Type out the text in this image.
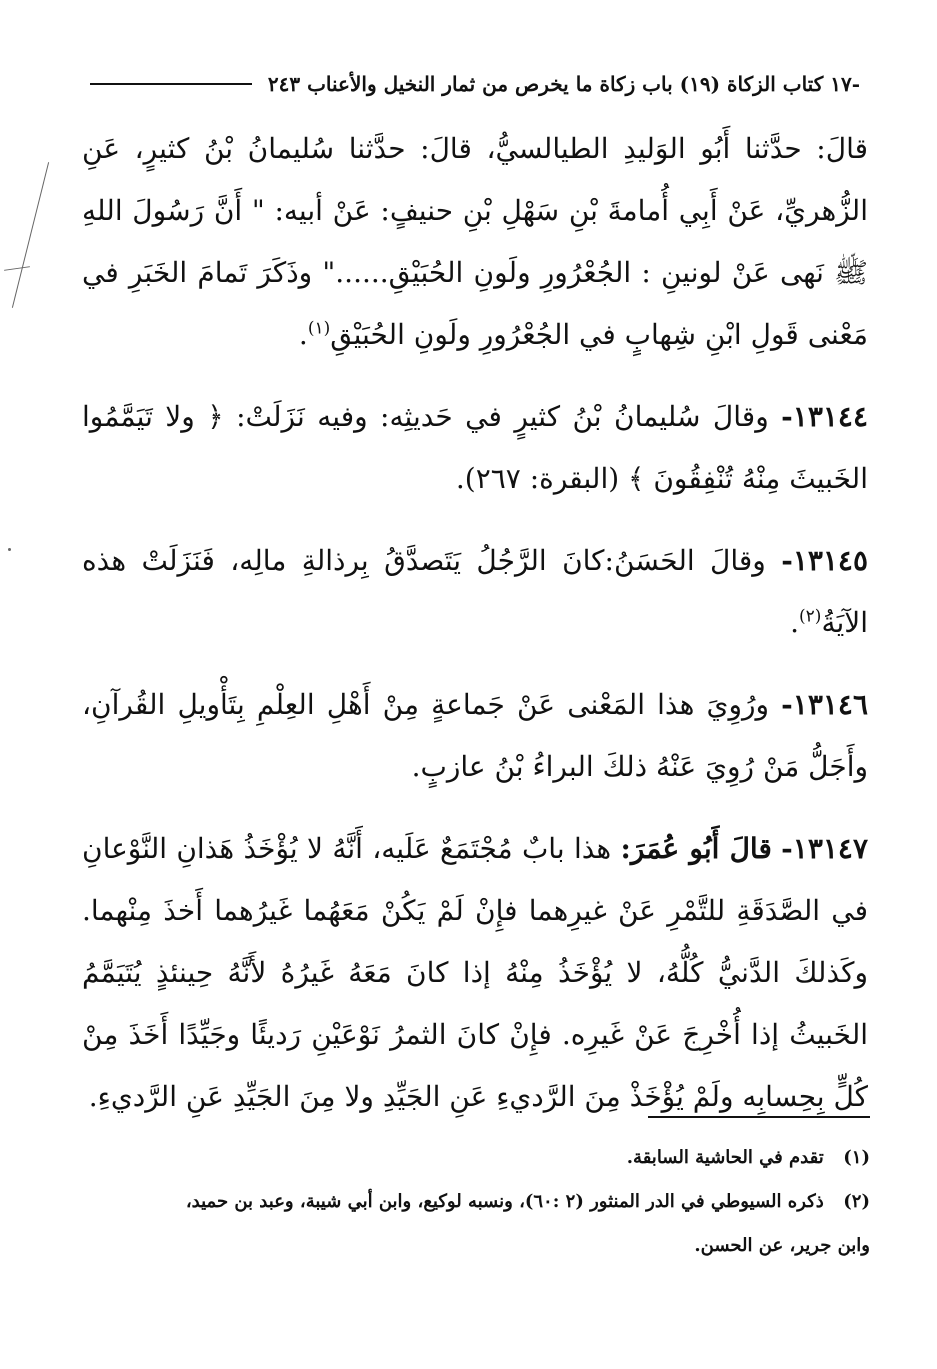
-١٧ كتاب الزكاة (١٩) باب زكاة ما يخرص من ثمار النخيل والأعناب ٢٤٣

قالَ: حدَّثنا أَبُو الوَليدِ الطيالسيُّ، قالَ: حدَّثنا سُليمانُ بْنُ كثيرٍ، عَنِ الزُّهريِّ، عَنْ أَبِي أُمامةَ بْنِ سَهْلِ بْنِ حنيفٍ: عَنْ أبيه: " أَنَّ رَسُولَ اللهِ ﷺ نَهى عَنْ لونينِ : الجُعْرُورِ ولَونِ الحُبَيْقِ......" وذَكَرَ تَمامَ الخَبَرِ في مَعْنى قَولِ ابْنِ شِهابٍ في الجُعْرُورِ ولَونِ الحُبَيْقِ$^{(١)}$.

١٣١٤٤- وقالَ سُليمانُ بْنُ كثيرٍ في حَديثِه: وفيه نَزَلَتْ: ﴿ ولا تَيَمَّمُوا الخَبيثَ مِنْهُ تُنْفِقُونَ ﴾ (البقرة: ٢٦٧).

١٣١٤٥- وقالَ الحَسَنُ:كانَ الرَّجُلُ يَتَصدَّقُ بِرذالةِ مالِه، فَنَزَلَتْ هذه الآيَةُ$^{(٢)}$.

١٣١٤٦- ورُوِيَ هذا المَعْنى عَنْ جَماعةٍ مِنْ أَهْلِ العِلْمِ بِتَأْويلِ القُرآنِ، وأَجَلُّ مَنْ رُوِيَ عَنْهُ ذلكَ البراءُ بْنُ عازبٍ.

١٣١٤٧- قالَ أَبُو عُمَرَ: هذا بابٌ مُجْتَمَعٌ عَلَيه، أَنَّهُ لا يُؤْخَذُ هَذانِ النَّوْعانِ في الصَّدَقَةِ للتَّمْرِ عَنْ غيرِهما فإِنْ لَمْ يَكُنْ مَعَهُما غَيرُهما أَخذَ مِنْهما. وكَذلكَ الدَّنيُّ كُلُّهُ، لا يُؤْخَذُ مِنْهُ إذا كانَ مَعَهُ غَيرُهُ لأَنَّهُ حِينئذٍ يُتَيَمَّمُ الخَبيثُ إذا أُخْرِجَ عَنْ غَيرِه. فإِنْ كانَ الثمرُ نَوْعَيْنِ رَديئًا وجَيِّدًا أَخَذَ مِنْ كُلٍّ بِحِسابِه ولَمْ يُؤْخَذْ مِنَ الرَّديءِ عَنِ الجَيِّدِ ولا مِنَ الجَيِّدِ عَنِ الرَّديءِ.

(١) تقدم في الحاشية السابقة.

(٢) ذكره السيوطي في الدر المنثور (٢ :٦٠)، ونسبه لوكيع، وابن أبي شيبة، وعبد بن حميد،

وابن جرير، عن الحسن.
